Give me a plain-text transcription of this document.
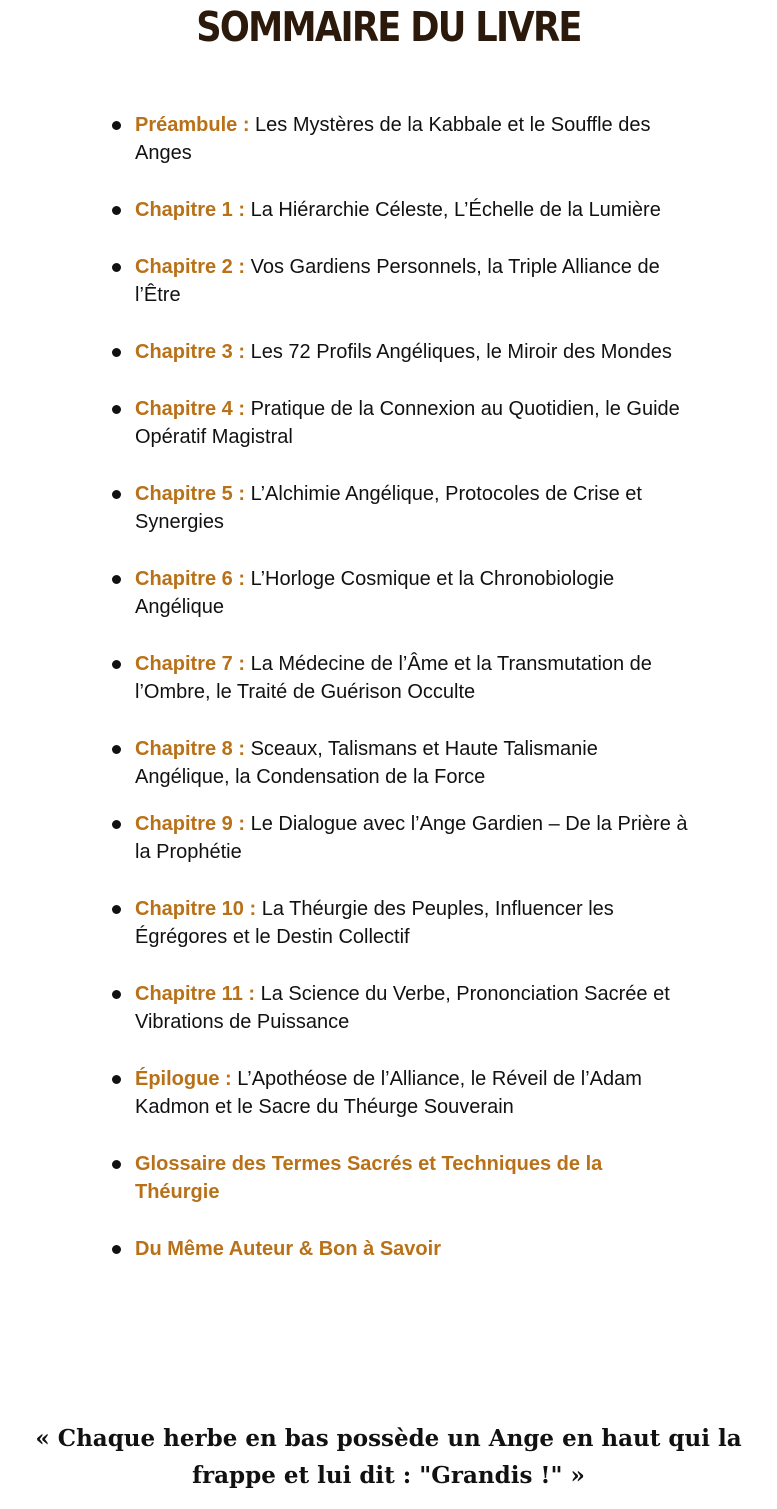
SOMMAIRE DU LIVRE
Préambule : Les Mystères de la Kabbale et le Souffle des Anges
Chapitre 1 : La Hiérarchie Céleste, L’Échelle de la Lumière
Chapitre 2 : Vos Gardiens Personnels, la Triple Alliance de l’Être
Chapitre 3 : Les 72 Profils Angéliques, le Miroir des Mondes
Chapitre 4 : Pratique de la Connexion au Quotidien, le Guide Opératif Magistral
Chapitre 5 : L’Alchimie Angélique, Protocoles de Crise et Synergies
Chapitre 6 : L’Horloge Cosmique et la Chronobiologie Angélique
Chapitre 7 : La Médecine de l’Âme et la Transmutation de l’Ombre, le Traité de Guérison Occulte
Chapitre 8 : Sceaux, Talismans et Haute Talismanie Angélique, la Condensation de la Force
Chapitre 9 : Le Dialogue avec l’Ange Gardien – De la Prière à la Prophétie
Chapitre 10 : La Théurgie des Peuples, Influencer les Égrégores et le Destin Collectif
Chapitre 11 : La Science du Verbe, Prononciation Sacrée et Vibrations de Puissance
Épilogue : L’Apothéose de l’Alliance, le Réveil de l’Adam Kadmon et le Sacre du Théurge Souverain
Glossaire des Termes Sacrés et Techniques de la Théurgie
Du Même Auteur & Bon à Savoir
« Chaque herbe en bas possède un Ange en haut qui la
frappe et lui dit : "Grandis !" »
